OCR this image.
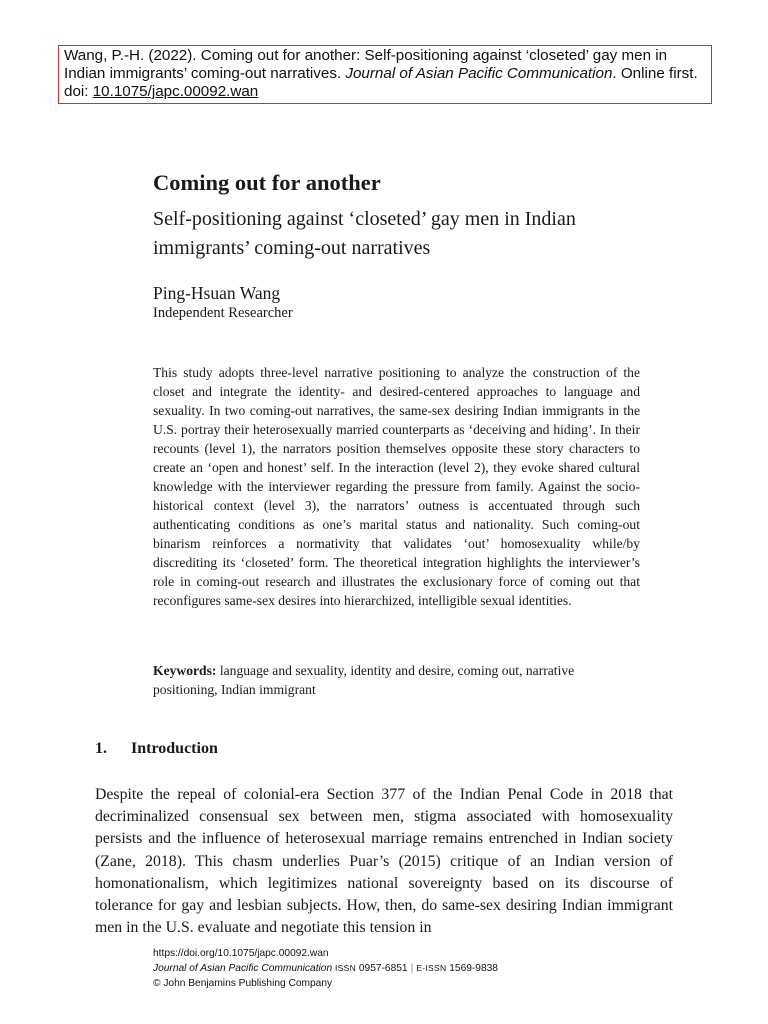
Wang, P.-H. (2022). Coming out for another: Self-positioning against ‘closeted’ gay men in Indian immigrants’ coming-out narratives. Journal of Asian Pacific Communication. Online first. doi: 10.1075/japc.00092.wan
Coming out for another
Self-positioning against ‘closeted’ gay men in Indian immigrants’ coming-out narratives
Ping-Hsuan Wang
Independent Researcher

This study adopts three-level narrative positioning to analyze the construction of the closet and integrate the identity- and desired-centered approaches to language and sexuality. In two coming-out narratives, the same-sex desiring Indian immigrants in the U.S. portray their heterosexually married counterparts as ‘deceiving and hiding’. In their recounts (level 1), the narrators position themselves opposite these story characters to create an ‘open and honest’ self. In the interaction (level 2), they evoke shared cultural knowledge with the interviewer regarding the pressure from family. Against the socio-historical context (level 3), the narrators’ outness is accentuated through such authenticating conditions as one’s marital status and nationality. Such coming-out binarism reinforces a normativity that validates ‘out’ homosexuality while/by discrediting its ‘closeted’ form. The theoretical integration highlights the interviewer’s role in coming-out research and illustrates the exclusionary force of coming out that reconfigures same-sex desires into hierarchized, intelligible sexual identities.

Keywords: language and sexuality, identity and desire, coming out, narrative positioning, Indian immigrant

1. Introduction

Despite the repeal of colonial-era Section 377 of the Indian Penal Code in 2018 that decriminalized consensual sex between men, stigma associated with homosexuality persists and the influence of heterosexual marriage remains entrenched in Indian society (Zane, 2018). This chasm underlies Puar’s (2015) critique of an Indian version of homonationalism, which legitimizes national sovereignty based on its discourse of tolerance for gay and lesbian subjects. How, then, do same-sex desiring Indian immigrant men in the U.S. evaluate and negotiate this tension in

https://doi.org/10.1075/japc.00092.wan
Journal of Asian Pacific Communication ISSN 0957-6851 | E-ISSN 1569-9838
© John Benjamins Publishing Company
